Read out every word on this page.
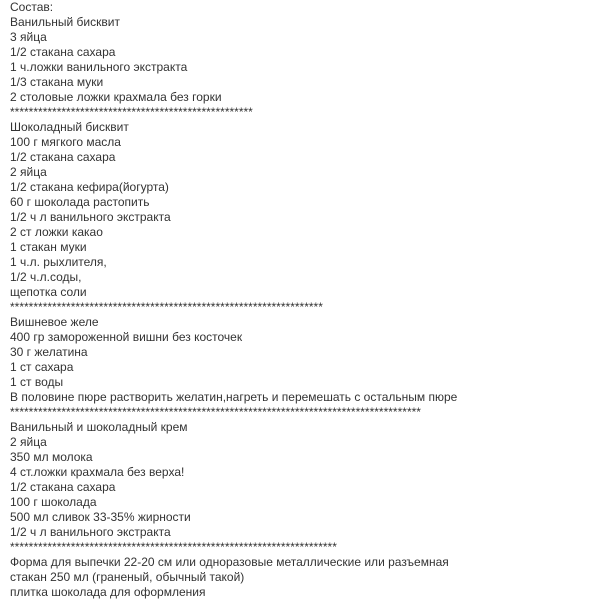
Состав:
Ванильный бисквит
3 яйца
1/2 стакана сахара
1 ч.ложки ванильного экстракта
1/3 стакана муки
2 столовые ложки крахмала без горки
****************************************************
Шоколадный бисквит
100 г мягкого масла
1/2 стакана сахара
2 яйца
1/2 стакана кефира(йогурта)
60 г шоколада растопить
1/2 ч л ванильного экстракта
2 ст ложки какао
1 стакан муки
1 ч.л. рыхлителя,
1/2 ч.л.соды,
щепотка соли
*******************************************************************
Вишневое желе
400 гр замороженной вишни без косточек
30 г желатина
1 ст сахара
1 ст воды
В половине пюре растворить желатин,нагреть и перемешать с остальным пюре
****************************************************************************************
Ванильный и шоколадный крем
2 яйца
350 мл молока
4 ст.ложки крахмала без верха!
1/2 стакана сахара
100 г шоколада
500 мл сливок 33-35% жирности
1/2 ч л ванильного экстракта
**********************************************************************
Форма для выпечки 22-20 см или одноразовые металлические или разъемная
стакан 250 мл (граненый, обычный такой)
плитка шоколада для оформления
